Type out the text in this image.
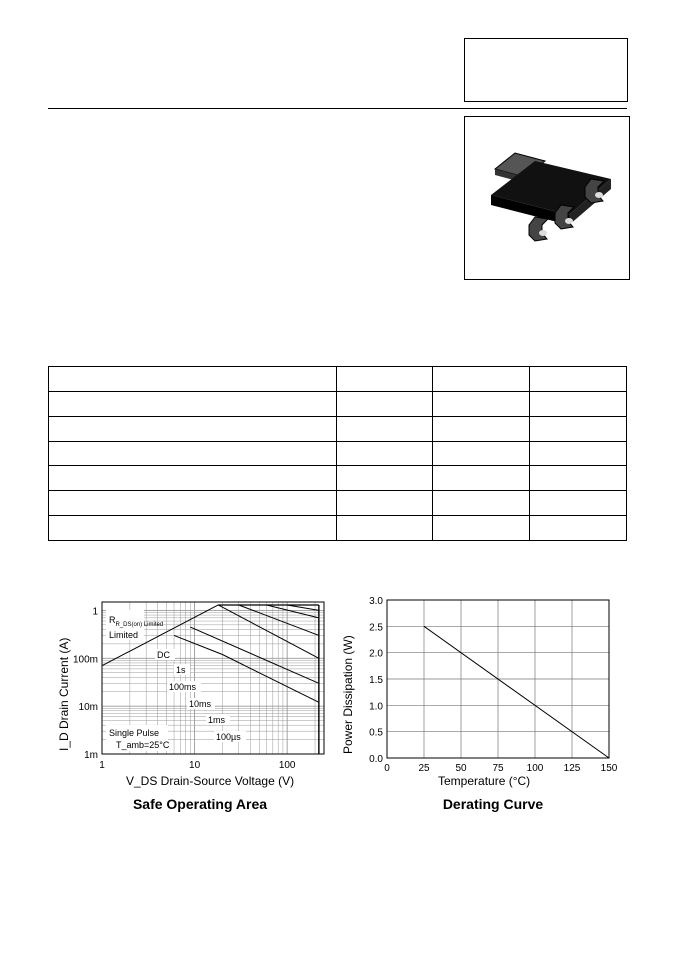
1	10	100
1
100m
10m
1m
$R_{R\_DS(on) Limited}$
Limited
DC
1s
100ms
10ms
1ms
100µs
Single Pulse
T_amb=25°C
I_D Drain Current (A)
V_DS Drain-Source Voltage (V)
Safe Operating Area
0	25	50	75 100 125 150
0.0
0.5
1.0
1.5
2.0
2.5
3.0
Power Dissipation (W)
Temperature (°C)
Derating Curve
